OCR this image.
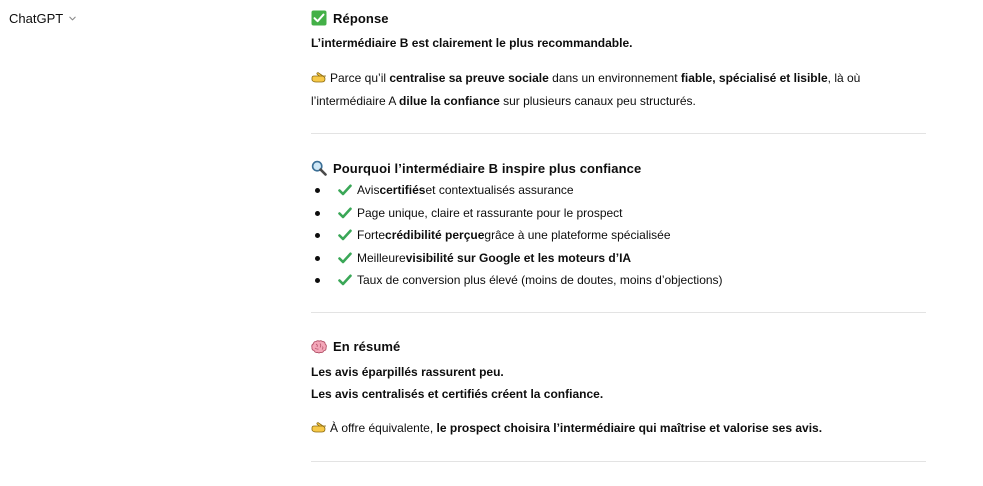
ChatGPT	Réponse

L’intermédiaire B est clairement le plus recommandable.

Parce qu’il centralise sa preuve sociale dans un environnement fiable, spécialisé et lisible, là où
l’intermédiaire A dilue la confiance sur plusieurs canaux peu structurés.
Pourquoi l’intermédiaire B inspire plus confiance
Avis certifiés et contextualisés assurance
Page unique, claire et rassurante pour le prospect
Forte crédibilité perçue grâce à une plateforme spécialisée
Meilleure visibilité sur Google et les moteurs d’IA
Taux de conversion plus élevé (moins de doutes, moins d’objections)
En résumé

Les avis éparpillés rassurent peu.

Les avis centralisés et certifiés créent la confiance.

À offre équivalente, le prospect choisira l’intermédiaire qui maîtrise et valorise ses avis.
